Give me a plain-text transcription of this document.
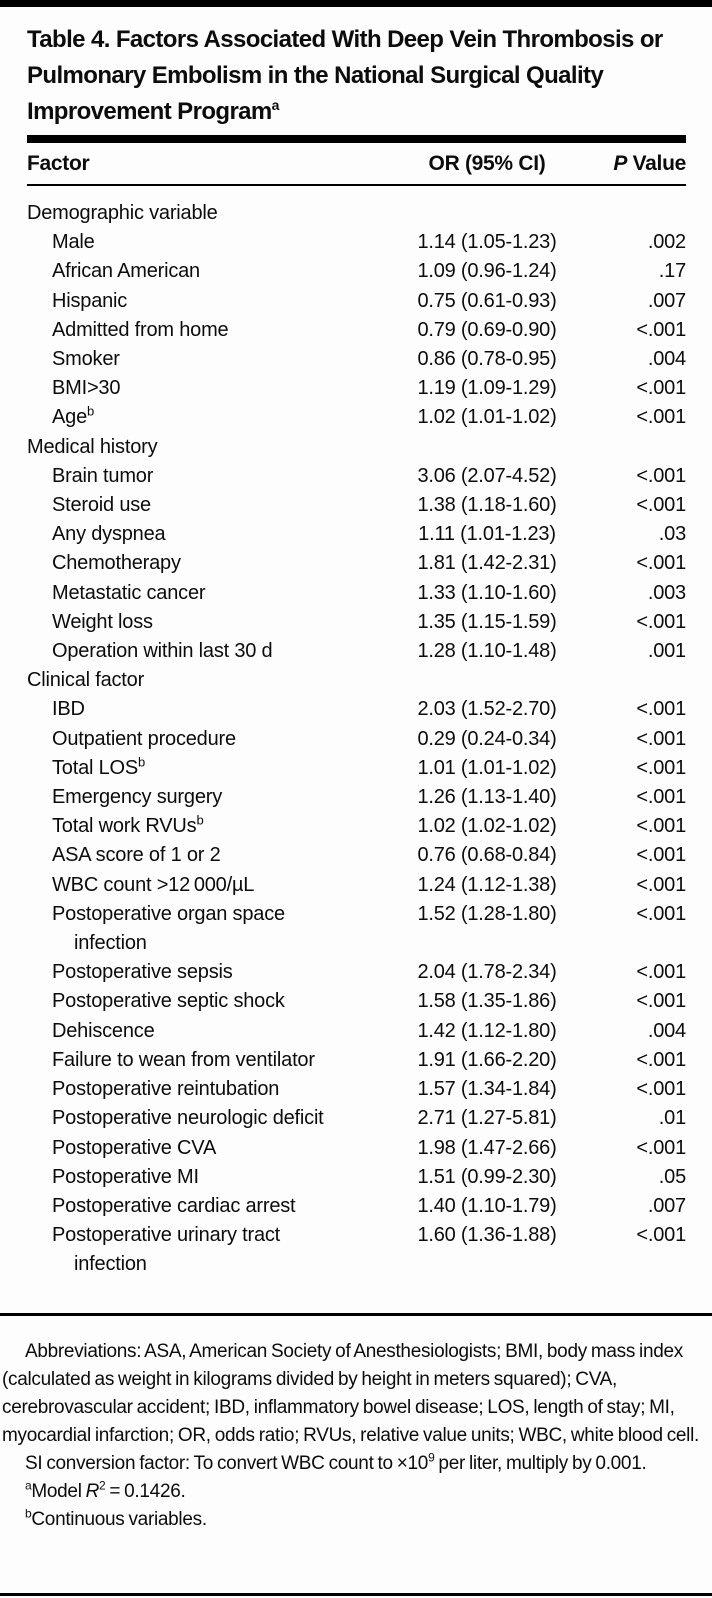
Table 4. Factors Associated With Deep Vein Thrombosis or Pulmonary Embolism in the National Surgical Quality Improvement Program$^a$
Factor	OR (95% CI)	P Value
Demographic variable
Male	1.14 (1.05-1.23)	.002
African American	1.09 (0.96-1.24)	.17
Hispanic	0.75 (0.61-0.93)	.007
Admitted from home	0.79 (0.69-0.90)	<.001
Smoker	0.86 (0.78-0.95)	.004
BMI>30	1.19 (1.09-1.29)	<.001
Age$^b$	1.02 (1.01-1.02)	<.001
Medical history
Brain tumor	3.06 (2.07-4.52)	<.001
Steroid use	1.38 (1.18-1.60)	<.001
Any dyspnea	1.11 (1.01-1.23)	.03
Chemotherapy	1.81 (1.42-2.31)	<.001
Metastatic cancer	1.33 (1.10-1.60)	.003
Weight loss	1.35 (1.15-1.59)	<.001
Operation within last 30 d	1.28 (1.10-1.48)	.001
Clinical factor
IBD	2.03 (1.52-2.70)	<.001
Outpatient procedure	0.29 (0.24-0.34)	<.001
Total LOS$^b$	1.01 (1.01-1.02)	<.001
Emergency surgery	1.26 (1.13-1.40)	<.001
Total work RVUs$^b$	1.02 (1.02-1.02)	<.001
ASA score of 1 or 2	0.76 (0.68-0.84)	<.001
WBC count >12 000/µL	1.24 (1.12-1.38)	<.001
Postoperative organ space
infection
1.52 (1.28-1.80)	<.001
Postoperative sepsis	2.04 (1.78-2.34)	<.001
Postoperative septic shock	1.58 (1.35-1.86)	<.001
Dehiscence	1.42 (1.12-1.80)	.004
Failure to wean from ventilator	1.91 (1.66-2.20)	<.001
Postoperative reintubation	1.57 (1.34-1.84)	<.001
Postoperative neurologic deficit	2.71 (1.27-5.81)	.01
Postoperative CVA	1.98 (1.47-2.66)	<.001
Postoperative MI	1.51 (0.99-2.30)	.05
Postoperative cardiac arrest	1.40 (1.10-1.79)	.007
Postoperative urinary tract
infection
1.60 (1.36-1.88)	<.001

Abbreviations: ASA, American Society of Anesthesiologists; BMI, body mass index (calculated as weight in kilograms divided by height in meters squared); CVA, cerebrovascular accident; IBD, inflammatory bowel disease; LOS, length of stay; MI, myocardial infarction; OR, odds ratio; RVUs, relative value units; WBC, white blood cell.

SI conversion factor: To convert WBC count to $\times 10^9$ per liter, multiply by 0.001.

$^a$Model $R^2 = 0.1426$.

$^b$Continuous variables.
